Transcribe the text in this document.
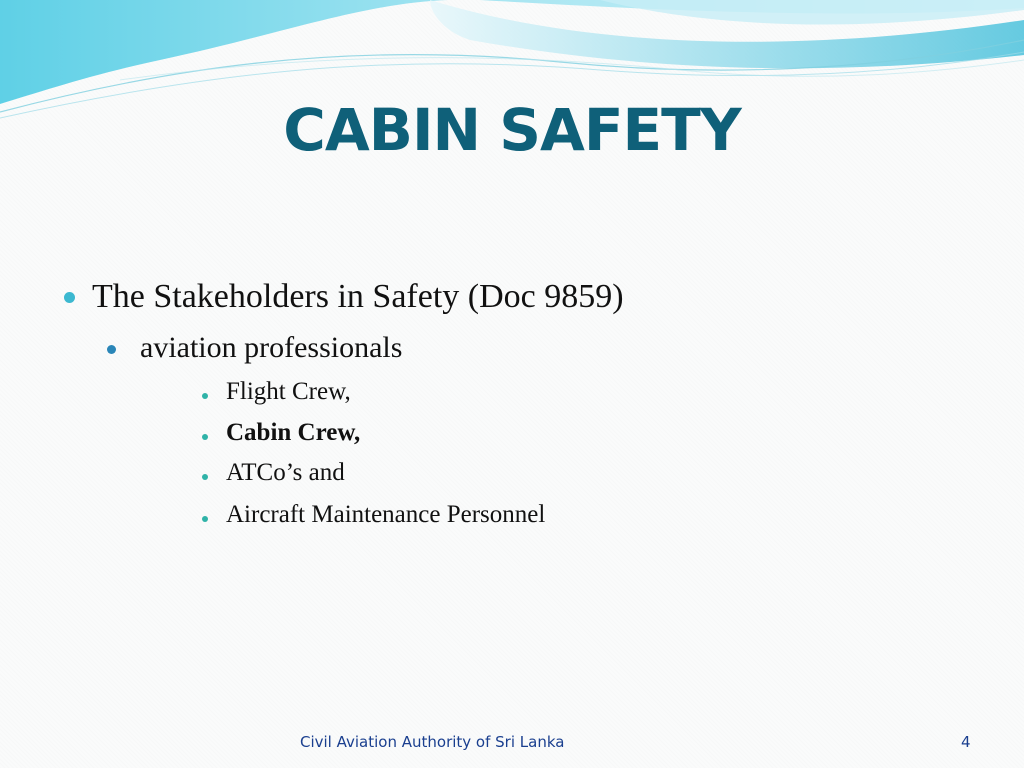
CABIN SAFETY
The Stakeholders in Safety (Doc 9859)
aviation professionals
Flight Crew,
Cabin Crew,
ATCo’s and
Aircraft Maintenance Personnel
Civil Aviation Authority of Sri Lanka	4
